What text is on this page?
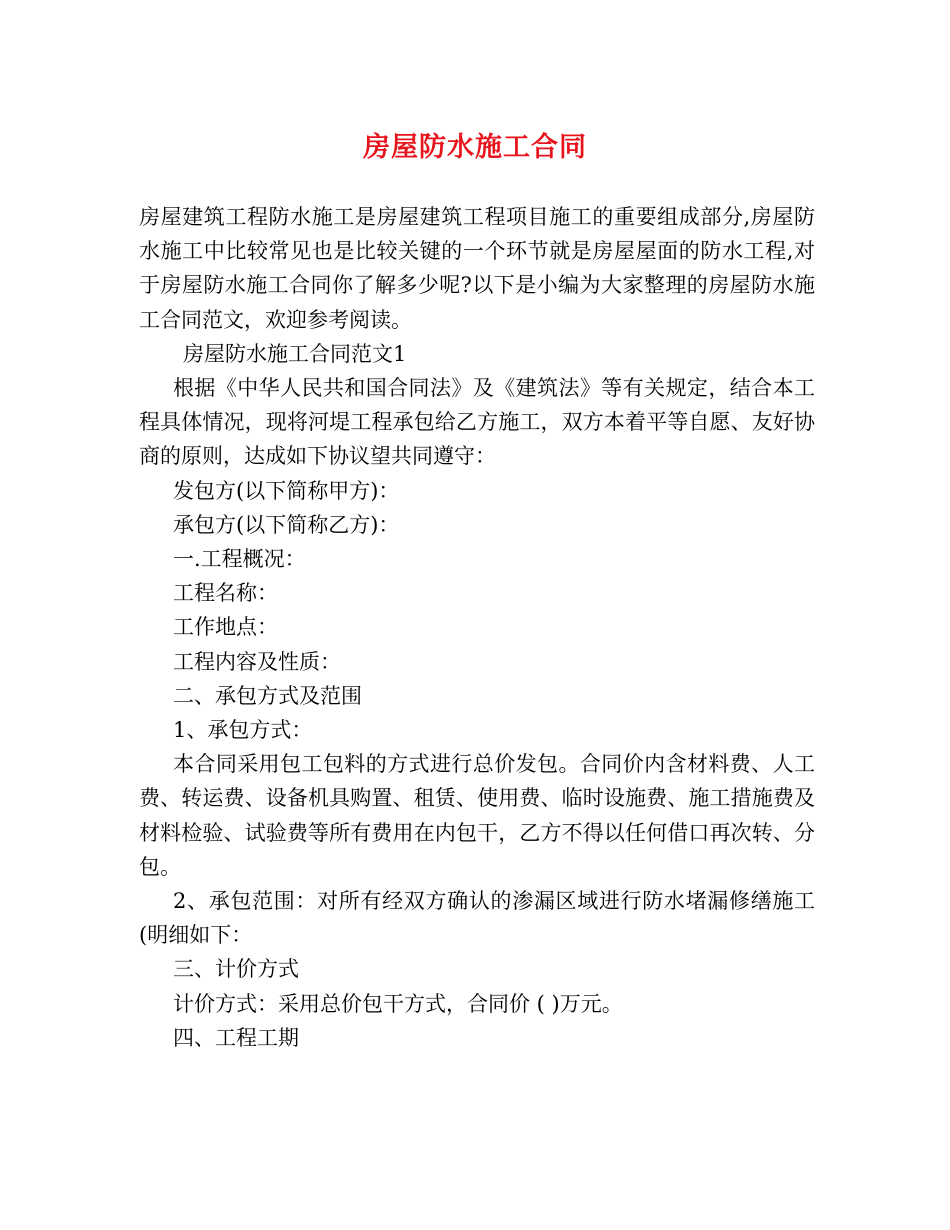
房屋防水施工合同

房屋建筑工程防水施工是房屋建筑工程项目施工的重要组成部分,房屋防水施工中比较常见也是比较关键的一个环节就是房屋屋面的防水工程,对于房屋防水施工合同你了解多少呢?以下是小编为大家整理的房屋防水施工合同范文，欢迎参考阅读。

房屋防水施工合同范文1

根据《中华人民共和国合同法》及《建筑法》等有关规定，结合本工程具体情况，现将河堤工程承包给乙方施工，双方本着平等自愿、友好协商的原则，达成如下协议望共同遵守：

发包方(以下简称甲方)：

承包方(以下简称乙方)：

一.工程概况：

工程名称：

工作地点：

工程内容及性质：

二、承包方式及范围

1、承包方式：

本合同采用包工包料的方式进行总价发包。合同价内含材料费、人工费、转运费、设备机具购置、租赁、使用费、临时设施费、施工措施费及材料检验、试验费等所有费用在内包干，乙方不得以任何借口再次转、分包。

2、承包范围：对所有经双方确认的渗漏区域进行防水堵漏修缮施工(明细如下：

三、计价方式

计价方式：采用总价包干方式，合同价 ( )万元。

四、工程工期
